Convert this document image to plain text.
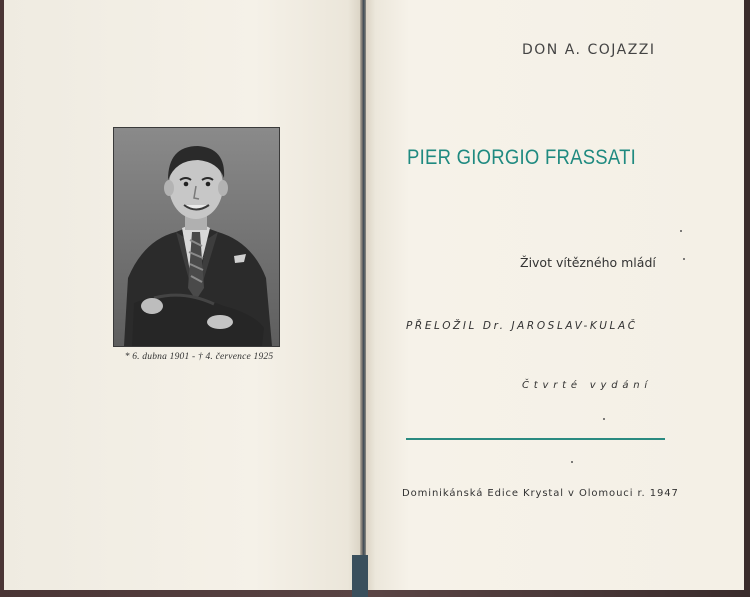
* 6. dubna 1901 - † 4. července 1925
DON A. COJAZZI
PIER GIORGIO FRASSATI
Život vítězného mládí
PŘELOŽIL Dr. JAROSLAV-KULAČ
Čtvrté vydání
Dominikánská Edice Krystal v Olomouci r. 1947
